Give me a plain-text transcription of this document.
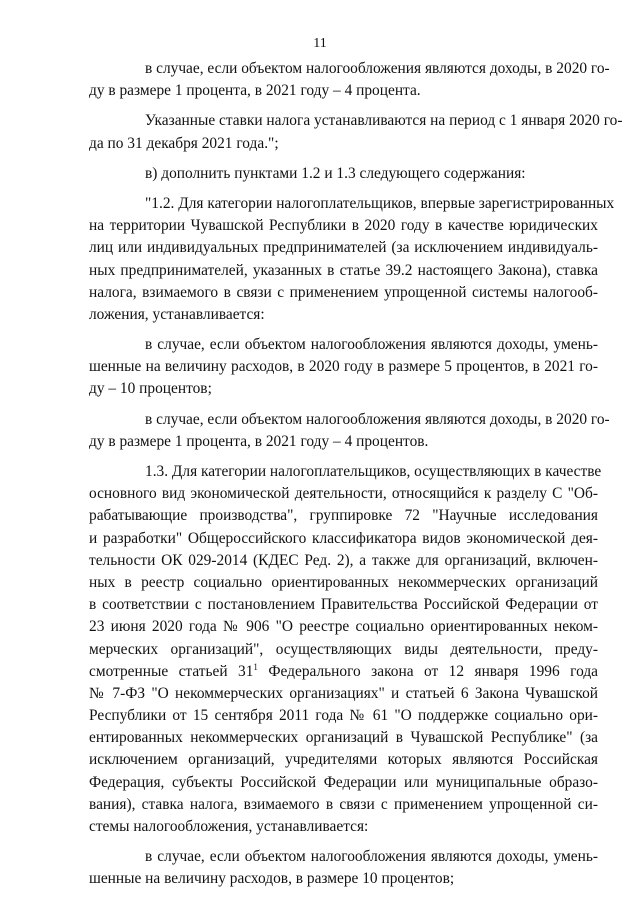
11
в случае, если объектом налогообложения являются доходы, в 2020 го-
ду в размере 1 процента, в 2021 году – 4 процента.
Указанные ставки налога устанавливаются на период с 1 января 2020 го-
да по 31 декабря 2021 года.";
в) дополнить пунктами 1.2 и 1.3 следующего содержания:
"1.2. Для категории налогоплательщиков, впервые зарегистрированных
на территории Чувашской Республики в 2020 году в качестве юридических
лиц или индивидуальных предпринимателей (за исключением индивидуаль-
ных предпринимателей, указанных в статье 39.2 настоящего Закона), ставка
налога, взимаемого в связи с применением упрощенной системы налогооб-
ложения, устанавливается:
в случае, если объектом налогообложения являются доходы, умень-
шенные на величину расходов, в 2020 году в размере 5 процентов, в 2021 го-
ду – 10 процентов;
в случае, если объектом налогообложения являются доходы, в 2020 го-
ду в размере 1 процента, в 2021 году – 4 процентов.
1.3. Для категории налогоплательщиков, осуществляющих в качестве
основного вид экономической деятельности, относящийся к разделу С "Об-
рабатывающие производства", группировке 72 "Научные исследования
и разработки" Общероссийского классификатора видов экономической дея-
тельности ОК 029-2014 (КДЕС Ред. 2), а также для организаций, включен-
ных в реестр социально ориентированных некоммерческих организаций
в соответствии с постановлением Правительства Российской Федерации от
23 июня 2020 года № 906 "О реестре социально ориентированных неком-
мерческих организаций", осуществляющих виды деятельности, преду-
смотренные статьей $31^1$ Федерального закона от 12 января 1996 года
№ 7-ФЗ "О некоммерческих организациях" и статьей 6 Закона Чувашской
Республики от 15 сентября 2011 года № 61 "О поддержке социально ори-
ентированных некоммерческих организаций в Чувашской Республике" (за
исключением организаций, учредителями которых являются Российская
Федерация, субъекты Российской Федерации или муниципальные образо-
вания), ставка налога, взимаемого в связи с применением упрощенной си-
стемы налогообложения, устанавливается:
в случае, если объектом налогообложения являются доходы, умень-
шенные на величину расходов, в размере 10 процентов;
